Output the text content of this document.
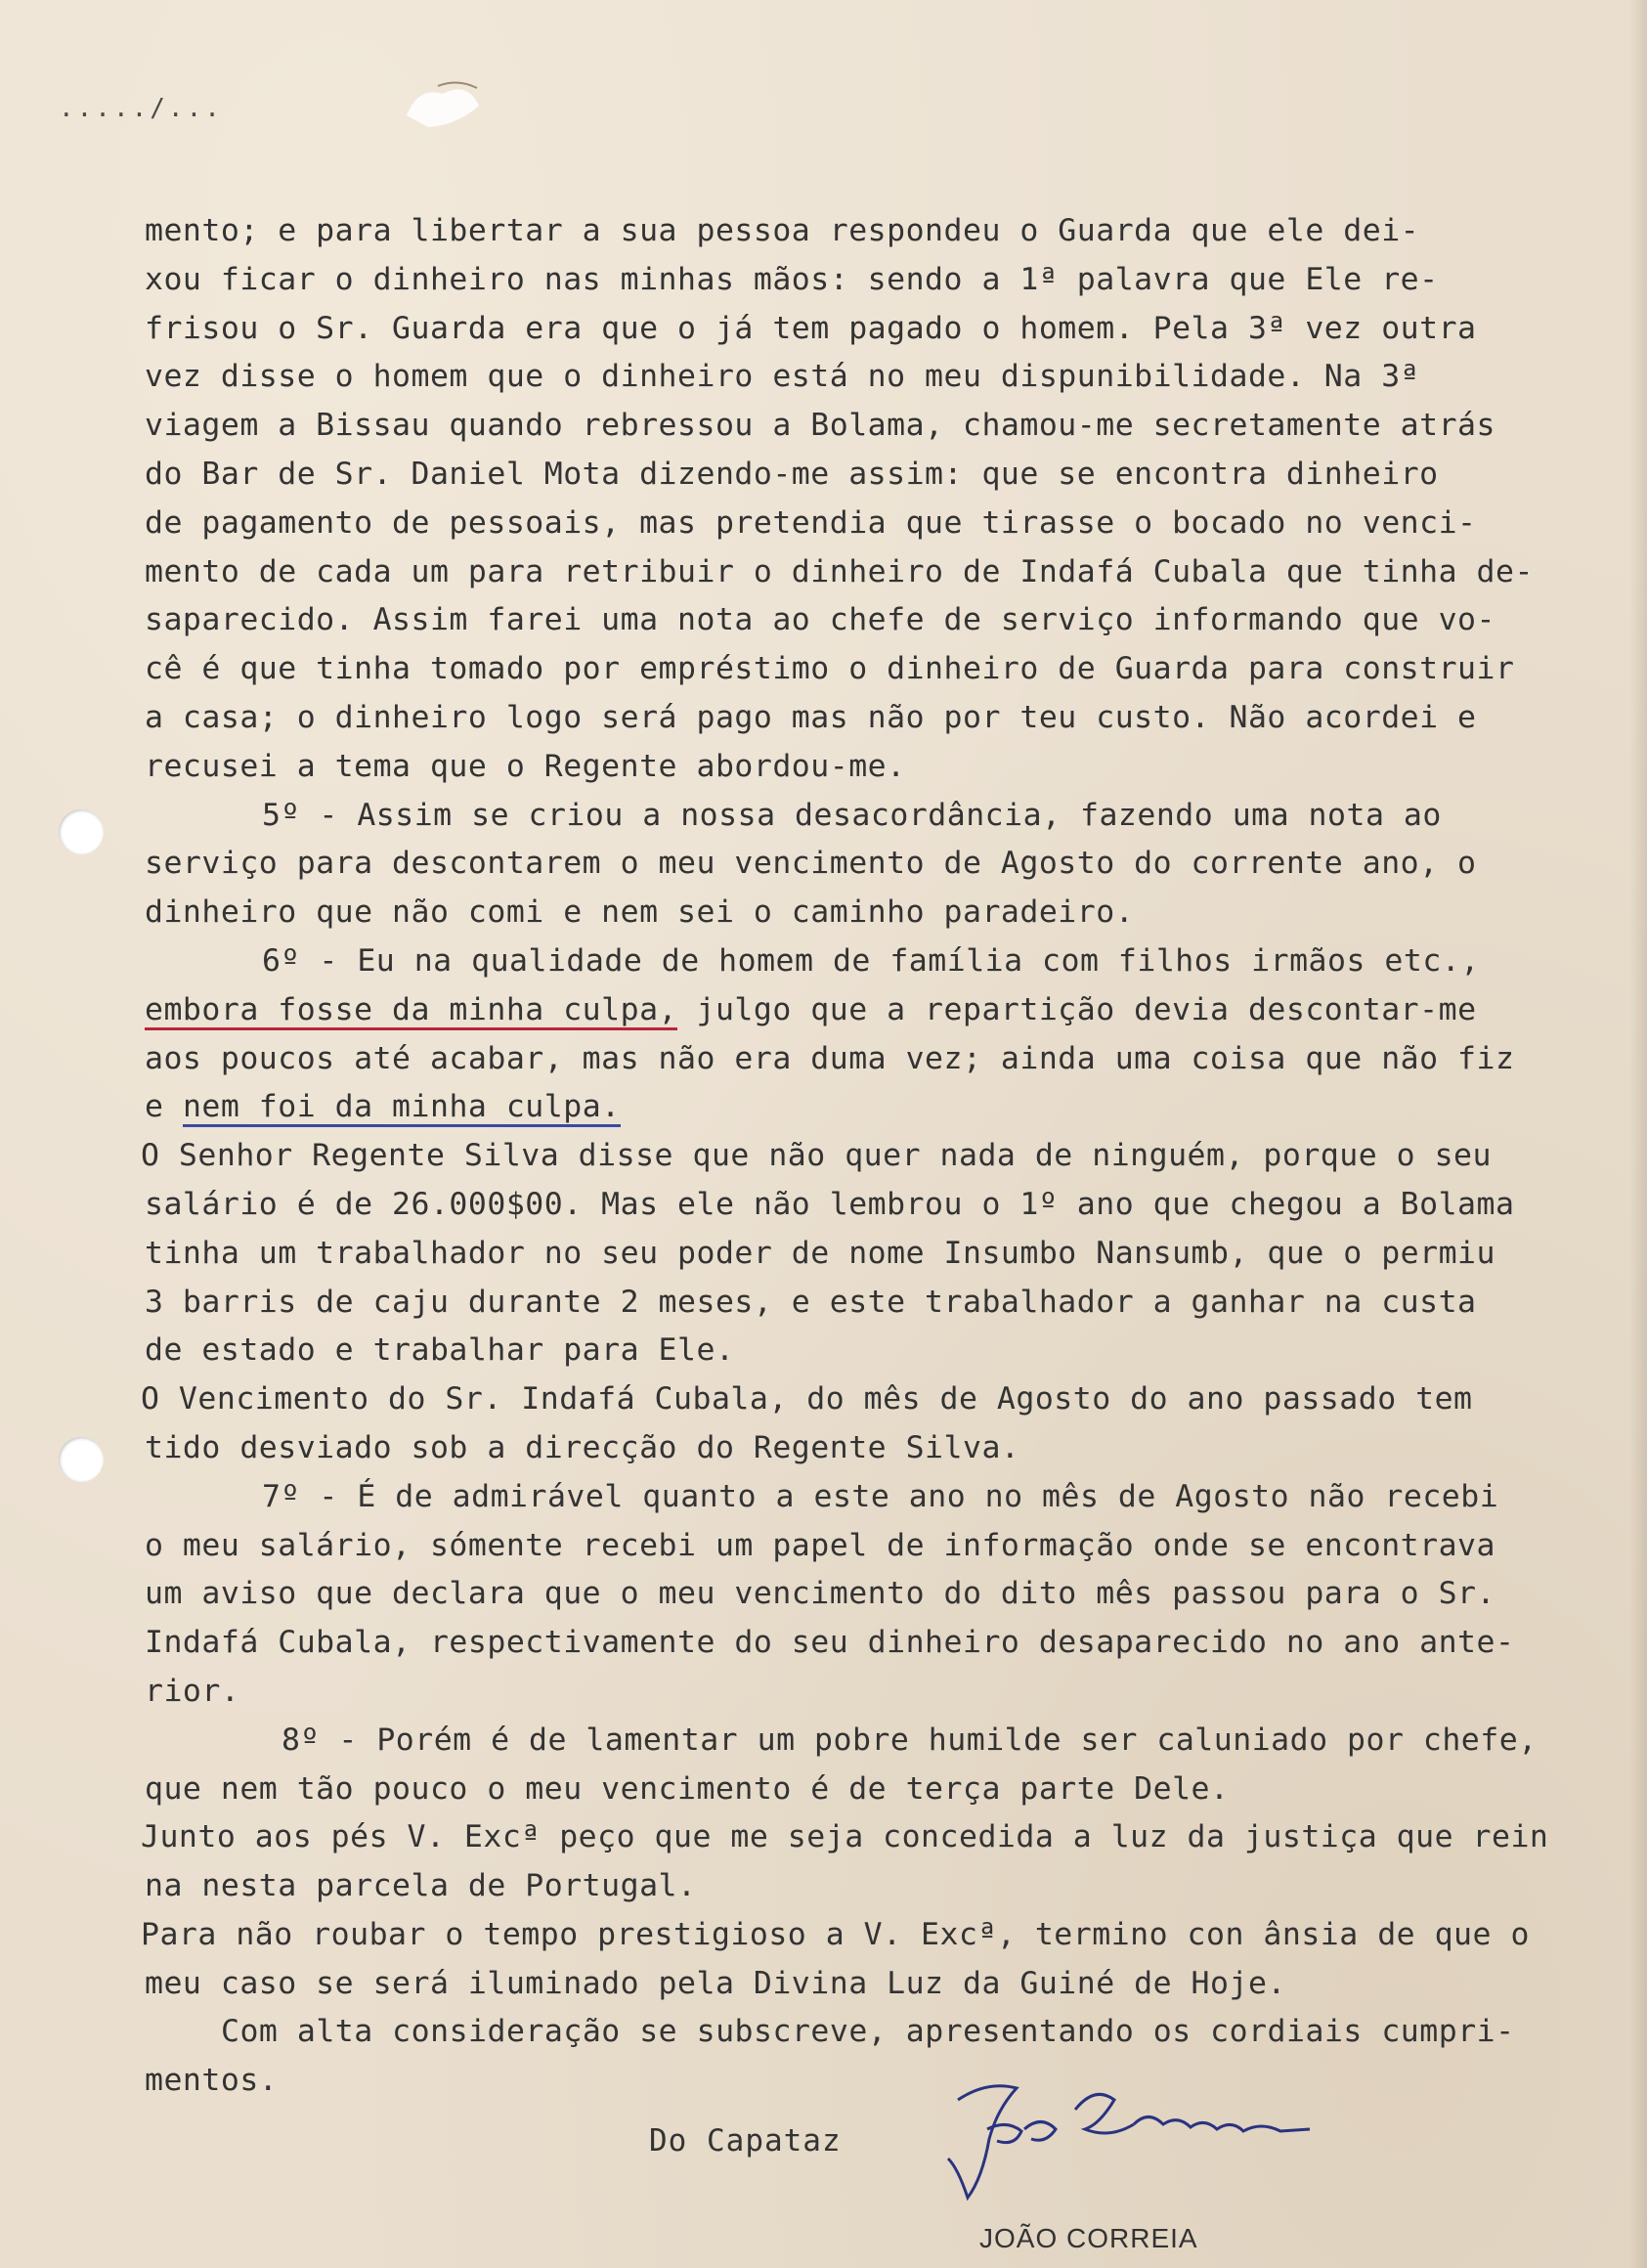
...../...
mento; e para libertar a sua pessoa respondeu o Guarda que ele dei-
xou ficar o dinheiro nas minhas mãos: sendo a 1ª palavra que Ele re-
frisou o Sr. Guarda era que o já tem pagado o homem. Pela 3ª vez outra
vez disse o homem que o dinheiro está no meu dispunibilidade. Na 3ª
viagem a Bissau quando rebressou a Bolama, chamou-me secretamente atrás
do Bar de Sr. Daniel Mota dizendo-me assim: que se encontra dinheiro
de pagamento de pessoais, mas pretendia que tirasse o bocado no venci-
mento de cada um para retribuir o dinheiro de Indafá Cubala que tinha de-
saparecido. Assim farei uma nota ao chefe de serviço informando que vo-
cê é que tinha tomado por empréstimo o dinheiro de Guarda para construir
a casa; o dinheiro logo será pago mas não por teu custo. Não acordei e
recusei a tema que o Regente abordou-me.
5º - Assim se criou a nossa desacordância, fazendo uma nota ao
serviço para descontarem o meu vencimento de Agosto do corrente ano, o
dinheiro que não comi e nem sei o caminho paradeiro.
6º - Eu na qualidade de homem de família com filhos irmãos etc.,
embora fosse da minha culpa, julgo que a repartição devia descontar-me
aos poucos até acabar, mas não era duma vez; ainda uma coisa que não fiz
e nem foi da minha culpa.
O Senhor Regente Silva disse que não quer nada de ninguém, porque o seu
salário é de 26.000$00. Mas ele não lembrou o 1º ano que chegou a Bolama
tinha um trabalhador no seu poder de nome Insumbo Nansumb, que o permiu
3 barris de caju durante 2 meses, e este trabalhador a ganhar na custa
de estado e trabalhar para Ele.
O Vencimento do Sr. Indafá Cubala, do mês de Agosto do ano passado tem
tido desviado sob a direcção do Regente Silva.
7º - É de admirável quanto a este ano no mês de Agosto não recebi
o meu salário, sómente recebi um papel de informação onde se encontrava
um aviso que declara que o meu vencimento do dito mês passou para o Sr.
Indafá Cubala, respectivamente do seu dinheiro desaparecido no ano ante-
rior.
8º - Porém é de lamentar um pobre humilde ser caluniado por chefe,
que nem tão pouco o meu vencimento é de terça parte Dele.
Junto aos pés V. Excª peço que me seja concedida a luz da justiça que rein
na nesta parcela de Portugal.
Para não roubar o tempo prestigioso a V. Excª, termino con ânsia de que o
meu caso se será iluminado pela Divina Luz da Guiné de Hoje.
Com alta consideração se subscreve, apresentando os cordiais cumpri-
mentos.
Do Capataz
JOÃO CORREIA
